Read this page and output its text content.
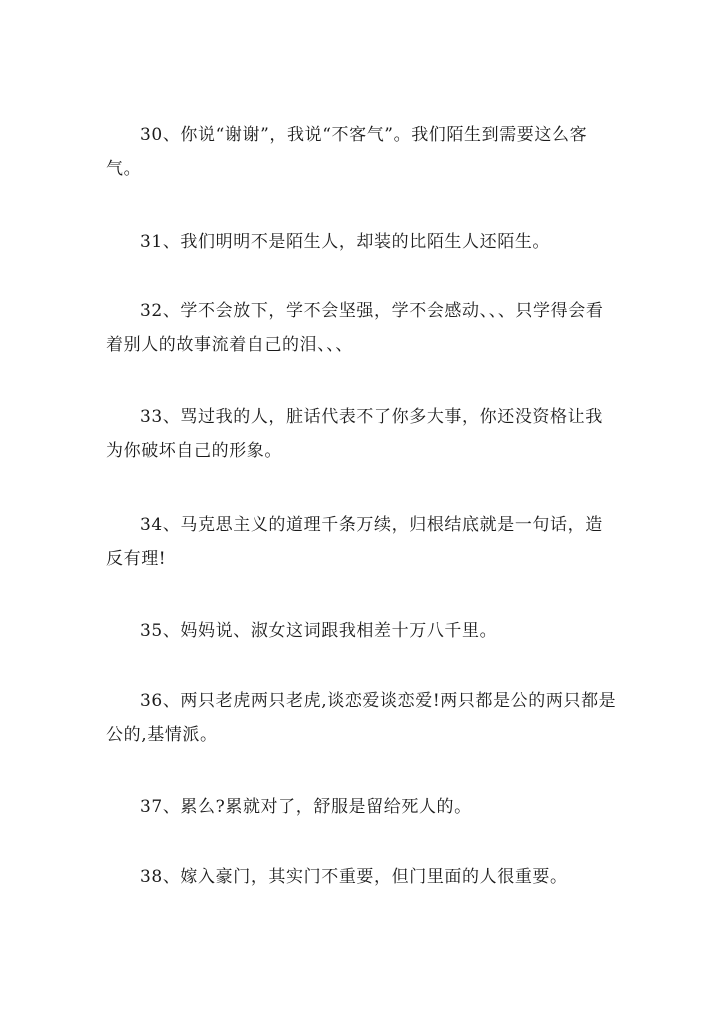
30、你说“谢谢”，我说“不客气”。我们陌生到需要这么客气。

31、我们明明不是陌生人，却装的比陌生人还陌生。

32、学不会放下，学不会坚强，学不会感动、、、只学得会看着别人的故事流着自己的泪、、、

33、骂过我的人，脏话代表不了你多大事，你还没资格让我为你破坏自己的形象。

34、马克思主义的道理千条万续，归根结底就是一句话，造反有理!

35、妈妈说、淑女这词跟我相差十万八千里。

36、两只老虎两只老虎,谈恋爱谈恋爱!两只都是公的两只都是公的,基情派。

37、累么?累就对了，舒服是留给死人的。

38、嫁入豪门，其实门不重要，但门里面的人很重要。
